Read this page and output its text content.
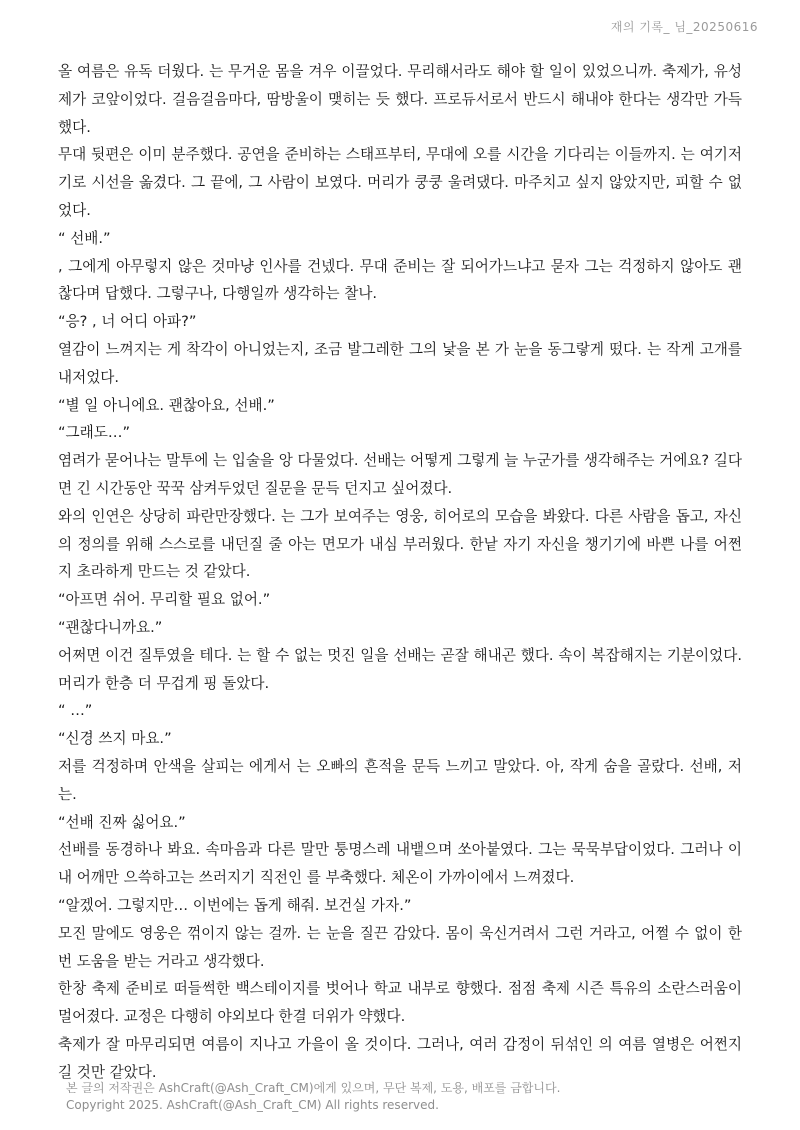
재의 기록_ 님_20250616

올 여름은 유독 더웠다. 는 무거운 몸을 겨우 이끌었다. 무리해서라도 해야 할 일이 있었으니까. 축제가, 유성제가 코앞이었다. 걸음걸음마다, 땀방울이 맺히는 듯 했다. 프로듀서로서 반드시 해내야 한다는 생각만 가득했다.

무대 뒷편은 이미 분주했다. 공연을 준비하는 스태프부터, 무대에 오를 시간을 기다리는 이들까지. 는 여기저기로 시선을 옮겼다. 그 끝에, 그 사람이 보였다. 머리가 쿵쿵 울려댔다. 마주치고 싶지 않았지만, 피할 수 없었다.

“ 선배.”

, 그에게 아무렇지 않은 것마냥 인사를 건넸다. 무대 준비는 잘 되어가느냐고 묻자 그는 걱정하지 않아도 괜찮다며 답했다. 그렇구나, 다행일까 생각하는 찰나.

“응? , 너 어디 아파?”

열감이 느껴지는 게 착각이 아니었는지, 조금 발그레한 그의 낯을 본 가 눈을 동그랗게 떴다. 는 작게 고개를 내저었다.

“별 일 아니에요. 괜찮아요, 선배.”

“그래도…”

염려가 묻어나는 말투에 는 입술을 앙 다물었다. 선배는 어떻게 그렇게 늘 누군가를 생각해주는 거에요? 길다면 긴 시간동안 꾹꾹 삼켜두었던 질문을 문득 던지고 싶어졌다.

와의 인연은 상당히 파란만장했다. 는 그가 보여주는 영웅, 히어로의 모습을 봐왔다. 다른 사람을 돕고, 자신의 정의를 위해 스스로를 내던질 줄 아는 면모가 내심 부러웠다. 한낱 자기 자신을 챙기기에 바쁜 나를 어쩐지 초라하게 만드는 것 같았다.

“아프면 쉬어. 무리할 필요 없어.”

“괜찮다니까요.”

어쩌면 이건 질투였을 테다. 는 할 수 없는 멋진 일을 선배는 곧잘 해내곤 했다. 속이 복잡해지는 기분이었다. 머리가 한층 더 무겁게 핑 돌았다.

“ …”

“신경 쓰지 마요.”

저를 걱정하며 안색을 살피는 에게서 는 오빠의 흔적을 문득 느끼고 말았다. 아, 작게 숨을 골랐다. 선배, 저는.

“선배 진짜 싫어요.”

선배를 동경하나 봐요. 속마음과 다른 말만 퉁명스레 내뱉으며 쏘아붙였다. 그는 묵묵부답이었다. 그러나 이내 어깨만 으쓱하고는 쓰러지기 직전인 를 부축했다. 체온이 가까이에서 느껴졌다.

“알겠어. 그렇지만… 이번에는 돕게 해줘. 보건실 가자.”

모진 말에도 영웅은 꺾이지 않는 걸까. 는 눈을 질끈 감았다. 몸이 욱신거려서 그런 거라고, 어쩔 수 없이 한 번 도움을 받는 거라고 생각했다.

한창 축제 준비로 떠들썩한 백스테이지를 벗어나 학교 내부로 향했다. 점점 축제 시즌 특유의 소란스러움이 멀어졌다. 교정은 다행히 야외보다 한결 더위가 약했다.

축제가 잘 마무리되면 여름이 지나고 가을이 올 것이다. 그러나, 여러 감정이 뒤섞인 의 여름 열병은 어쩐지 길 것만 같았다.

본 글의 저작권은 AshCraft(@Ash_Craft_CM)에게 있으며, 무단 복제, 도용, 배포를 금합니다.
Copyright 2025. AshCraft(@Ash_Craft_CM) All rights reserved.
